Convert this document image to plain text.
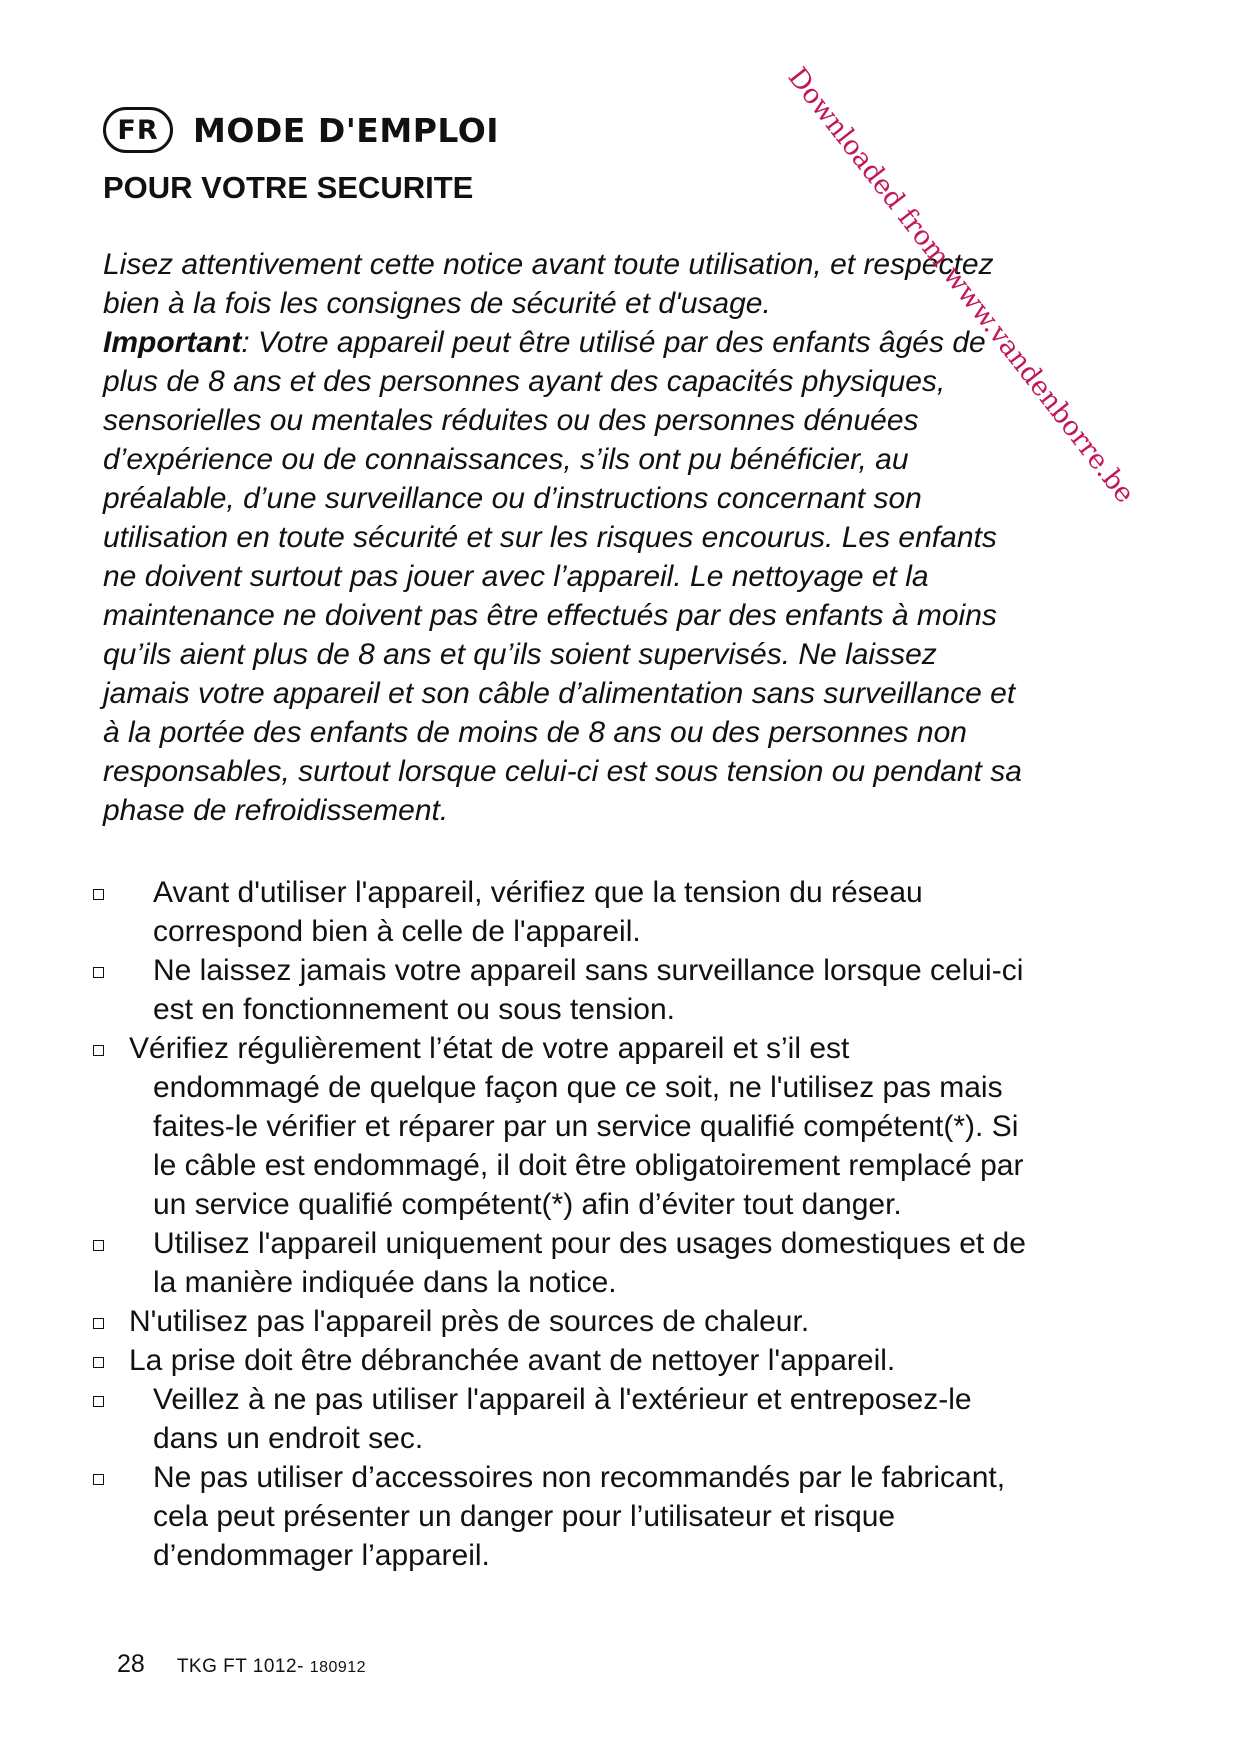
FR	MODE D'EMPLOI
POUR VOTRE SECURITE

Lisez attentivement cette notice avant toute utilisation, et respectez
bien à la fois les consignes de sécurité et d'usage.
Important: Votre appareil peut être utilisé par des enfants âgés de
plus de 8 ans et des personnes ayant des capacités physiques,
sensorielles ou mentales réduites ou des personnes dénuées
d’expérience ou de connaissances, s’ils ont pu bénéficier, au
préalable, d’une surveillance ou d’instructions concernant son
utilisation en toute sécurité et sur les risques encourus. Les enfants
ne doivent surtout pas jouer avec l’appareil. Le nettoyage et la
maintenance ne doivent pas être effectués par des enfants à moins
qu’ils aient plus de 8 ans et qu’ils soient supervisés. Ne laissez
jamais votre appareil et son câble d’alimentation sans surveillance et
à la portée des enfants de moins de 8 ans ou des personnes non
responsables, surtout lorsque celui-ci est sous tension ou pendant sa
phase de refroidissement.

Avant d'utiliser l'appareil, vérifiez que la tension du réseau
correspond bien à celle de l'appareil.
Ne laissez jamais votre appareil sans surveillance lorsque celui-ci
est en fonctionnement ou sous tension.
Vérifiez régulièrement l’état de votre appareil et s’il est
endommagé de quelque façon que ce soit, ne l'utilisez pas mais
faites-le vérifier et réparer par un service qualifié compétent(*). Si
le câble est endommagé, il doit être obligatoirement remplacé par
un service qualifié compétent(*) afin d’éviter tout danger.
Utilisez l'appareil uniquement pour des usages domestiques et de
la manière indiquée dans la notice.
N'utilisez pas l'appareil près de sources de chaleur.
La prise doit être débranchée avant de nettoyer l'appareil.
Veillez à ne pas utiliser l'appareil à l'extérieur et entreposez-le
dans un endroit sec.
Ne pas utiliser d’accessoires non recommandés par le fabricant,
cela peut présenter un danger pour l’utilisateur et risque
d’endommager l’appareil.
28 TKG FT 1012- 180912
Downloaded from www.vandenborre.be
